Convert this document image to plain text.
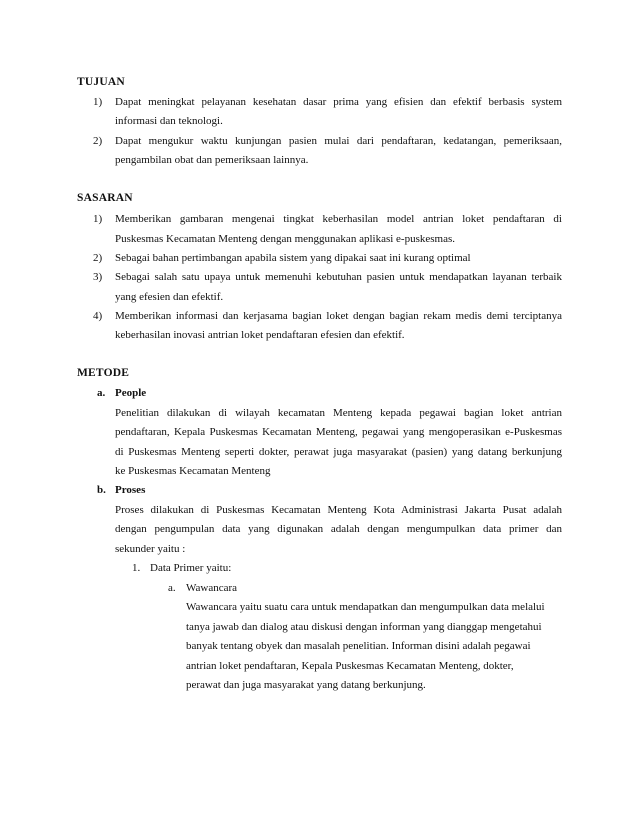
TUJUAN
1) Dapat meningkat pelayanan kesehatan dasar prima yang efisien dan efektif berbasis system
informasi dan teknologi.
2) Dapat mengukur waktu kunjungan pasien mulai dari pendaftaran, kedatangan, pemeriksaan,
pengambilan obat dan pemeriksaan lainnya.
SASARAN
1) Memberikan gambaran mengenai tingkat keberhasilan model antrian loket pendaftaran di
Puskesmas Kecamatan Menteng dengan menggunakan aplikasi e-puskesmas.
2) Sebagai bahan pertimbangan apabila sistem yang dipakai saat ini kurang optimal
3) Sebagai salah satu upaya untuk memenuhi kebutuhan pasien untuk mendapatkan layanan terbaik
yang efesien dan efektif.
4) Memberikan informasi dan kerjasama bagian loket dengan bagian rekam medis demi terciptanya
keberhasilan inovasi antrian loket pendaftaran efesien dan efektif.
METODE
a. People
Penelitian dilakukan di wilayah kecamatan Menteng kepada pegawai bagian loket antrian
pendaftaran, Kepala Puskesmas Kecamatan Menteng, pegawai yang mengoperasikan e-Puskesmas
di Puskesmas Menteng seperti dokter, perawat juga masyarakat (pasien) yang datang berkunjung
ke Puskesmas Kecamatan Menteng
b. Proses
Proses dilakukan di Puskesmas Kecamatan Menteng Kota Administrasi Jakarta Pusat adalah
dengan pengumpulan data yang digunakan adalah dengan mengumpulkan data primer dan
sekunder yaitu :
1. Data Primer yaitu:
a. Wawancara
Wawancara yaitu suatu cara untuk mendapatkan dan mengumpulkan data melalui
tanya jawab dan dialog atau diskusi dengan informan yang dianggap mengetahui
banyak tentang obyek dan masalah penelitian. Informan disini adalah pegawai
antrian loket pendaftaran, Kepala Puskesmas Kecamatan Menteng, dokter,
perawat dan juga masyarakat yang datang berkunjung.
